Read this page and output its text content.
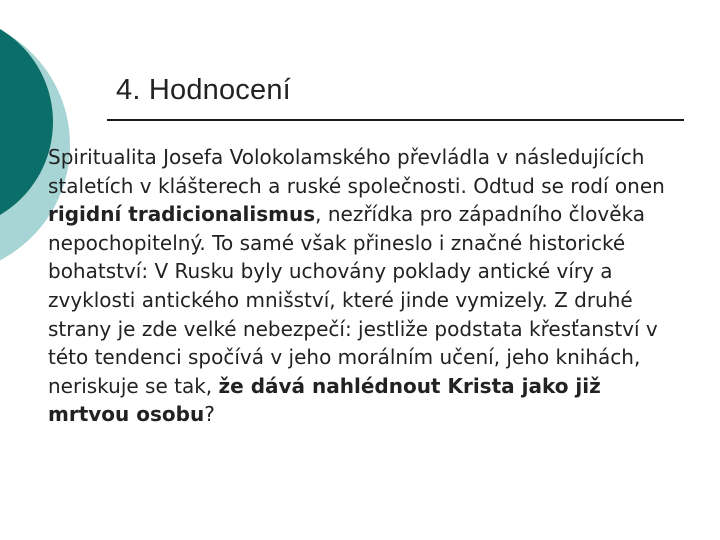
4. Hodnocení

Spiritualita Josefa Volokolamského převládla v následujících staletích v klášterech a ruské společnosti. Odtud se rodí onen rigidní tradicionalismus, nezřídka pro západního člověka nepochopitelný. To samé však přineslo i značné historické bohatství: V Rusku byly uchovány poklady antické víry a zvyklosti antického mnišství, které jinde vymizely. Z druhé strany je zde velké nebezpečí: jestliže podstata křesťanství v této tendenci spočívá v jeho morálním učení, jeho knihách, neriskuje se tak, že dává nahlédnout Krista jako již mrtvou osobu?
